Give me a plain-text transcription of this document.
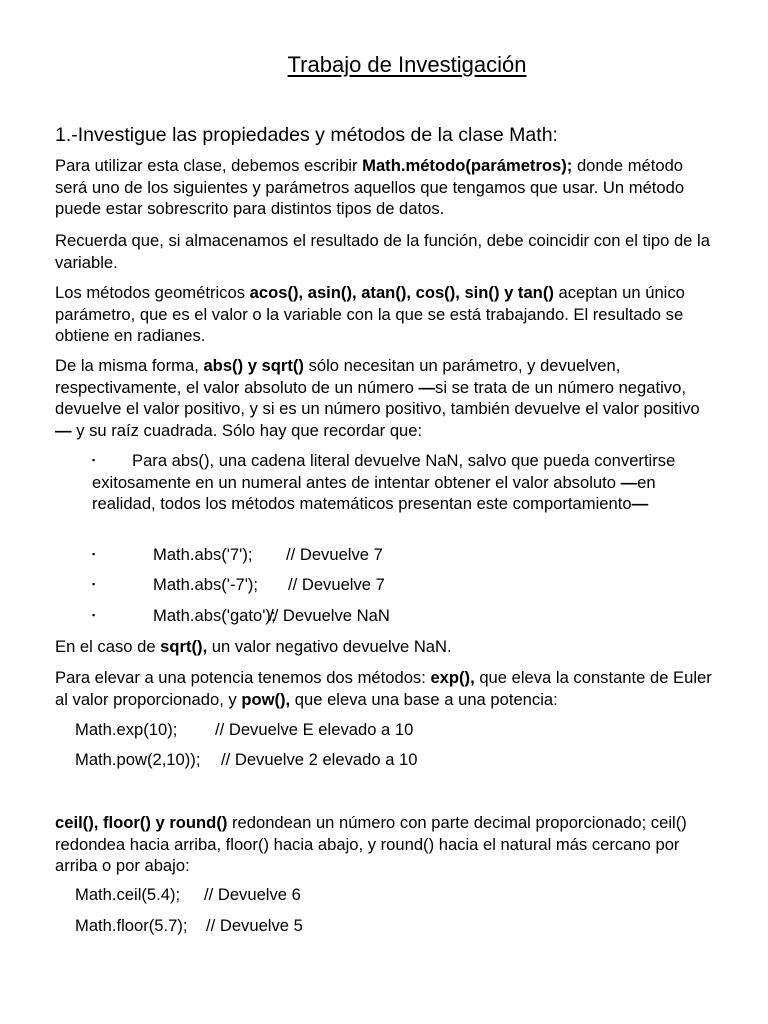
Trabajo de Investigación
1.-Investigue las propiedades y métodos de la clase Math:

Para utilizar esta clase, debemos escribir Math.método(parámetros); donde método será uno de los siguientes y parámetros aquellos que tengamos que usar. Un método puede estar sobrescrito para distintos tipos de datos.

Recuerda que, si almacenamos el resultado de la función, debe coincidir con el tipo de la variable.

Los métodos geométricos acos(), asin(), atan(), cos(), sin() y tan() aceptan un único parámetro, que es el valor o la variable con la que se está trabajando. El resultado se obtiene en radianes.

De la misma forma, abs() y sqrt() sólo necesitan un parámetro, y devuelven, respectivamente, el valor absoluto de un número —si se trata de un número negativo, devuelve el valor positivo, y si es un número positivo, también devuelve el valor positivo— y su raíz cuadrada. Sólo hay que recordar que:

▪ Para abs(), una cadena literal devuelve NaN, salvo que pueda convertirse exitosamente en un numeral antes de intentar obtener el valor absoluto —en realidad, todos los métodos matemáticos presentan este comportamiento—
▪	Math.abs('7'); // Devuelve 7
▪	Math.abs('-7'); // Devuelve 7
▪	Math.abs('gato');
// Devuelve NaN

En el caso de sqrt(), un valor negativo devuelve NaN.

Para elevar a una potencia tenemos dos métodos: exp(), que eleva la constante de Euler al valor proporcionado, y pow(), que eleva una base a una potencia:

Math.exp(10); // Devuelve E elevado a 10
Math.pow(2,10)); // Devuelve 2 elevado a 10

ceil(), floor() y round() redondean un número con parte decimal proporcionado; ceil() redondea hacia arriba, floor() hacia abajo, y round() hacia el natural más cercano por arriba o por abajo:

Math.ceil(5.4); // Devuelve 6
Math.floor(5.7); // Devuelve 5
